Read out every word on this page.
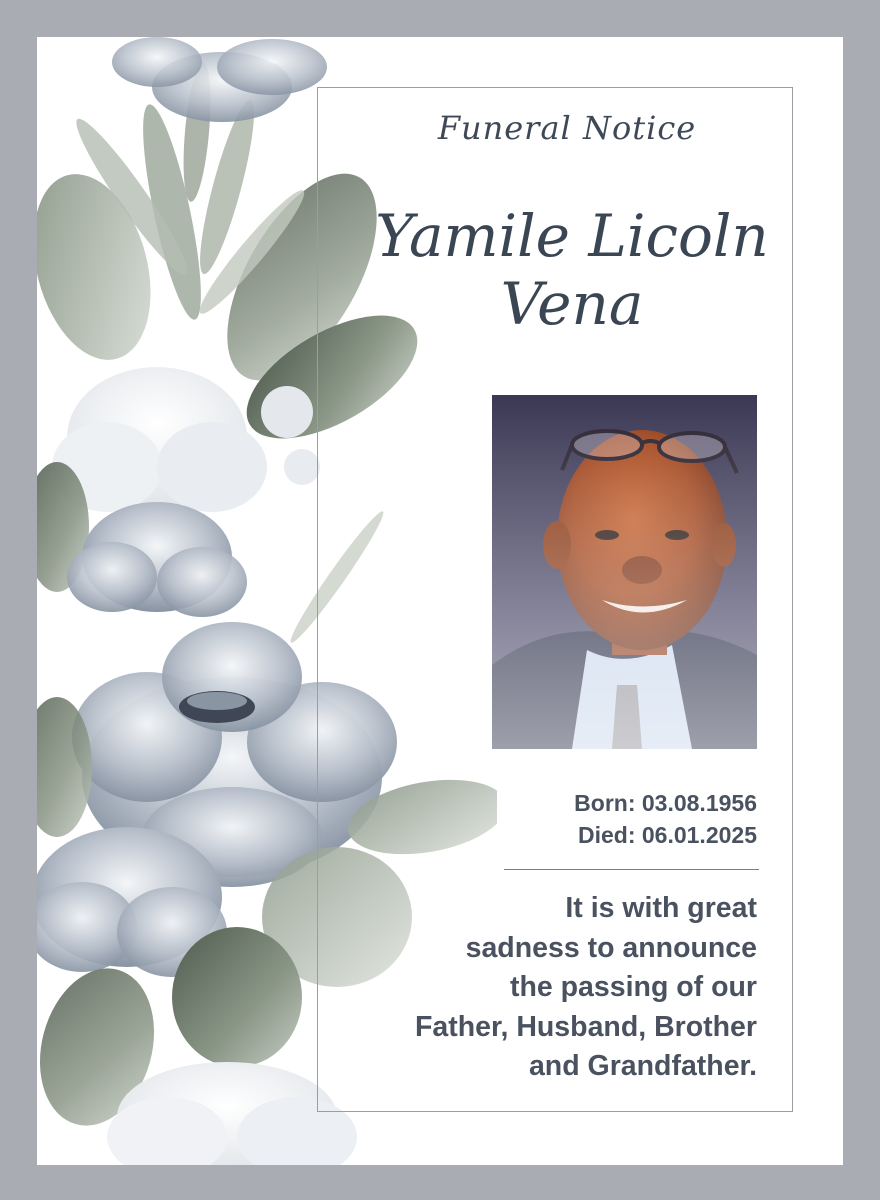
Funeral Notice
Yamile Licoln
Vena
Born: 03.08.1956
Died: 06.01.2025
It is with great
sadness to announce
the passing of our
Father, Husband, Brother
and Grandfather.
